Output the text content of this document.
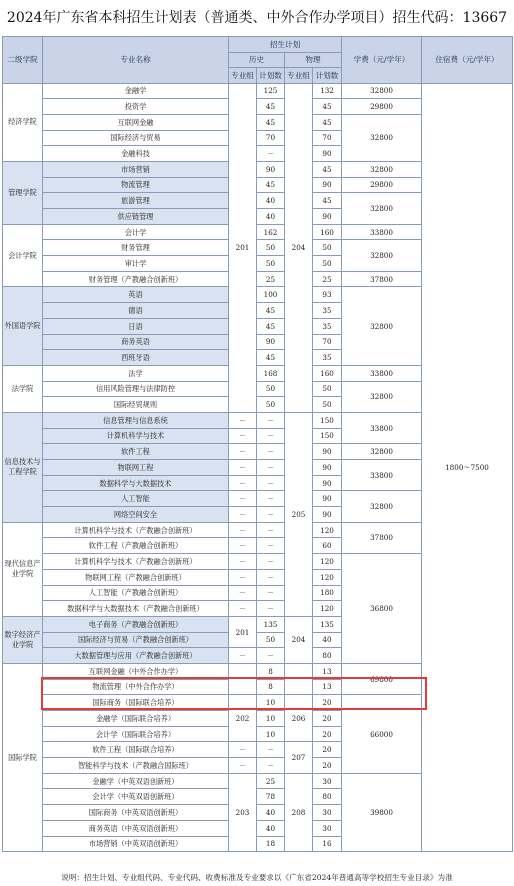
2024年广东省本科招生计划表（普通类、中外合作办学项目）招生代码：13667
二级学院	专业名称	招生计划				学费（元/学年）	住宿费（元/学年）
		历史		物理			
		专业组	计划数	专业组	计划数		
经济学院	金融学	201	125	204	132	32800	1800～7500
	投资学		45		45	29800	
	互联网金融		45		45	32800	
	国际经济与贸易		70		70		
	金融科技		－		90		
管理学院	市场营销		90		45	32800	
	物流管理		45		90	29800	
	旅游管理		40		45	32800	
	供应链管理		40		90		
会计学院	会计学		162		160	33800	
	财务管理		50		50	32800	
	审计学		50		50		
	财务管理（产教融合创新班）		25		25	37800	
外国语学院	英语		100		93	32800	
	德语		45		35		
	日语		45		35		
	商务英语		90		70		
	西班牙语		45		35		
法学院	法学		168		160	33800	
	信用风险管理与法律防控		50		50	32800	
	国际经贸规则		50		50		
信息技术与工程学院	信息管理与信息系统	－	－	205	150	33800	
	计算机科学与技术	－	－		150		
	软件工程	－	－		90	32800	
	物联网工程	－	－		90	33800	
	数据科学与大数据技术	－	－		90		
	人工智能	－	－		90	32800	
	网络空间安全	－	－		90		
现代信息产业学院	计算机科学与技术（产教融合创新班）	－	－		120	37800	
	软件工程（产教融合创新班）	－	－		60		
	计算机科学与技术（产教融合创新班）	－	－		120	36800	
	物联网工程（产教融合创新班）	－	－		120		
	人工智能（产教融合创新班）	－	－		180		
	数据科学与大数据技术（产教融合创新班）	－	－		120		
数字经济产业学院	电子商务（产教融合创新班）	201	135	204	135		
	国际经济与贸易（产教融合创新班）		50		40		
	大数据管理与应用（产教融合创新班）	－	－		80		
国际学院	互联网金融（中外合作办学）		8		13	69800	
	物流管理（中外合作办学）		8		13		
	国际商务（国际联合培养）	202	10	206	20	66000	
	金融学（国际联合培养）		10		20		
	会计学（国际联合培养）		10		20		
	软件工程（国际联合培养）	－	－	207	20		
	智能科学与技术（产教融合国际班）	－	－		20		
	金融学（中英双语创新班）	203	25	208	30	39800	
	会计学（中英双语创新班）		78		80		
	国际商务（中英双语创新班）		40		30		
	商务英语（中英双语创新班）		40		30		
	市场营销（中英双语创新班）		18		16		
说明：招生计划、专业组代码、专业代码、收费标准及专业要求以《广东省2024年普通高等学校招生专业目录》为准
